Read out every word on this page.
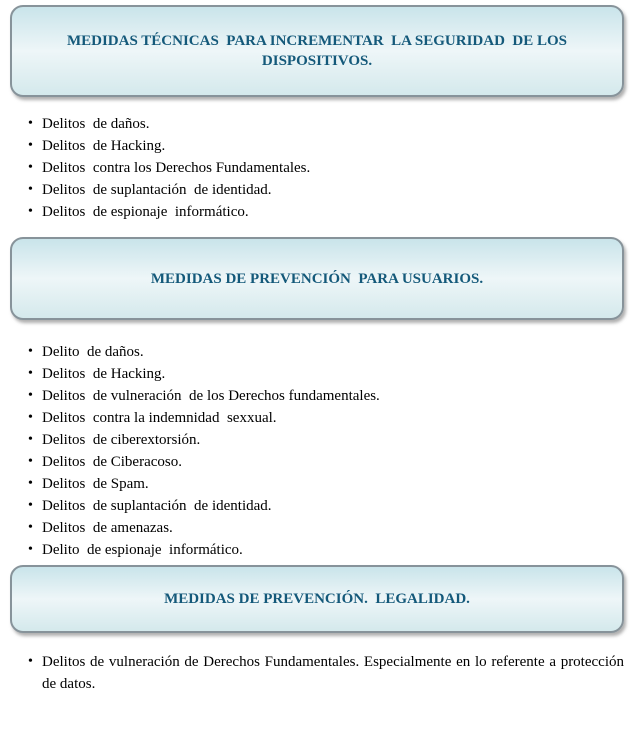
MEDIDAS TÉCNICAS  PARA INCREMENTAR  LA SEGURIDAD  DE LOS DISPOSITIVOS.
• Delitos  de daños.
• Delitos  de Hacking.
• Delitos  contra los Derechos Fundamentales.
• Delitos  de suplantación  de identidad.
• Delitos  de espionaje  informático.
MEDIDAS DE PREVENCIÓN  PARA USUARIOS.
• Delito  de daños.
• Delitos  de Hacking.
• Delitos  de vulneración  de los Derechos fundamentales.
• Delitos  contra la indemnidad  sexxual.
• Delitos  de ciberextorsión.
• Delitos  de Ciberacoso.
• Delitos  de Spam.
• Delitos  de suplantación  de identidad.
• Delitos  de amenazas.
• Delito  de espionaje  informático.
MEDIDAS DE PREVENCIÓN.  LEGALIDAD.
• Delitos de vulneración de Derechos Fundamentales. Especialmente en lo referente a protección de datos.
